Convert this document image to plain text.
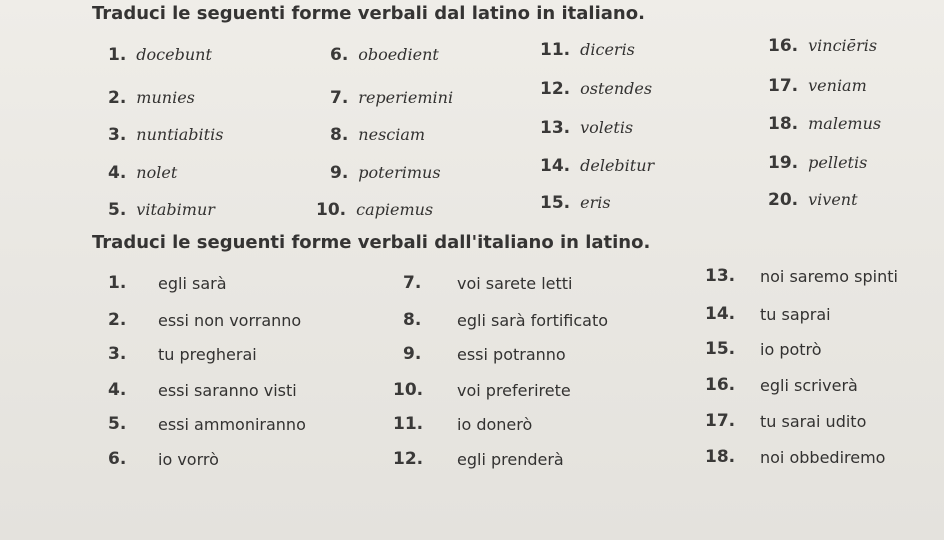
Traduci le seguenti forme verbali dal latino in italiano.
1. docebunt
2. munies
3. nuntiabitis
4. nolet
5. vitabimur
6. oboedient
7. reperiemini
8. nesciam
9. poterimus
10. capiemus
11. diceris
12. ostendes
13. voletis
14. delebitur
15. eris
16. vinciēris
17. veniam
18. malemus
19. pelletis
20. vivent
Traduci le seguenti forme verbali dall'italiano in latino.
1. egli sarà
2. essi non vorranno
3. tu pregherai
4. essi saranno visti
5. essi ammoniranno
6. io vorrò
7. voi sarete letti
8. egli sarà fortificato
9. essi potranno
10. voi preferirete
11. io donerò
12. egli prenderà
13. noi saremo spinti
14. tu saprai
15. io potrò
16. egli scriverà
17. tu sarai udito
18. noi obbediremo
